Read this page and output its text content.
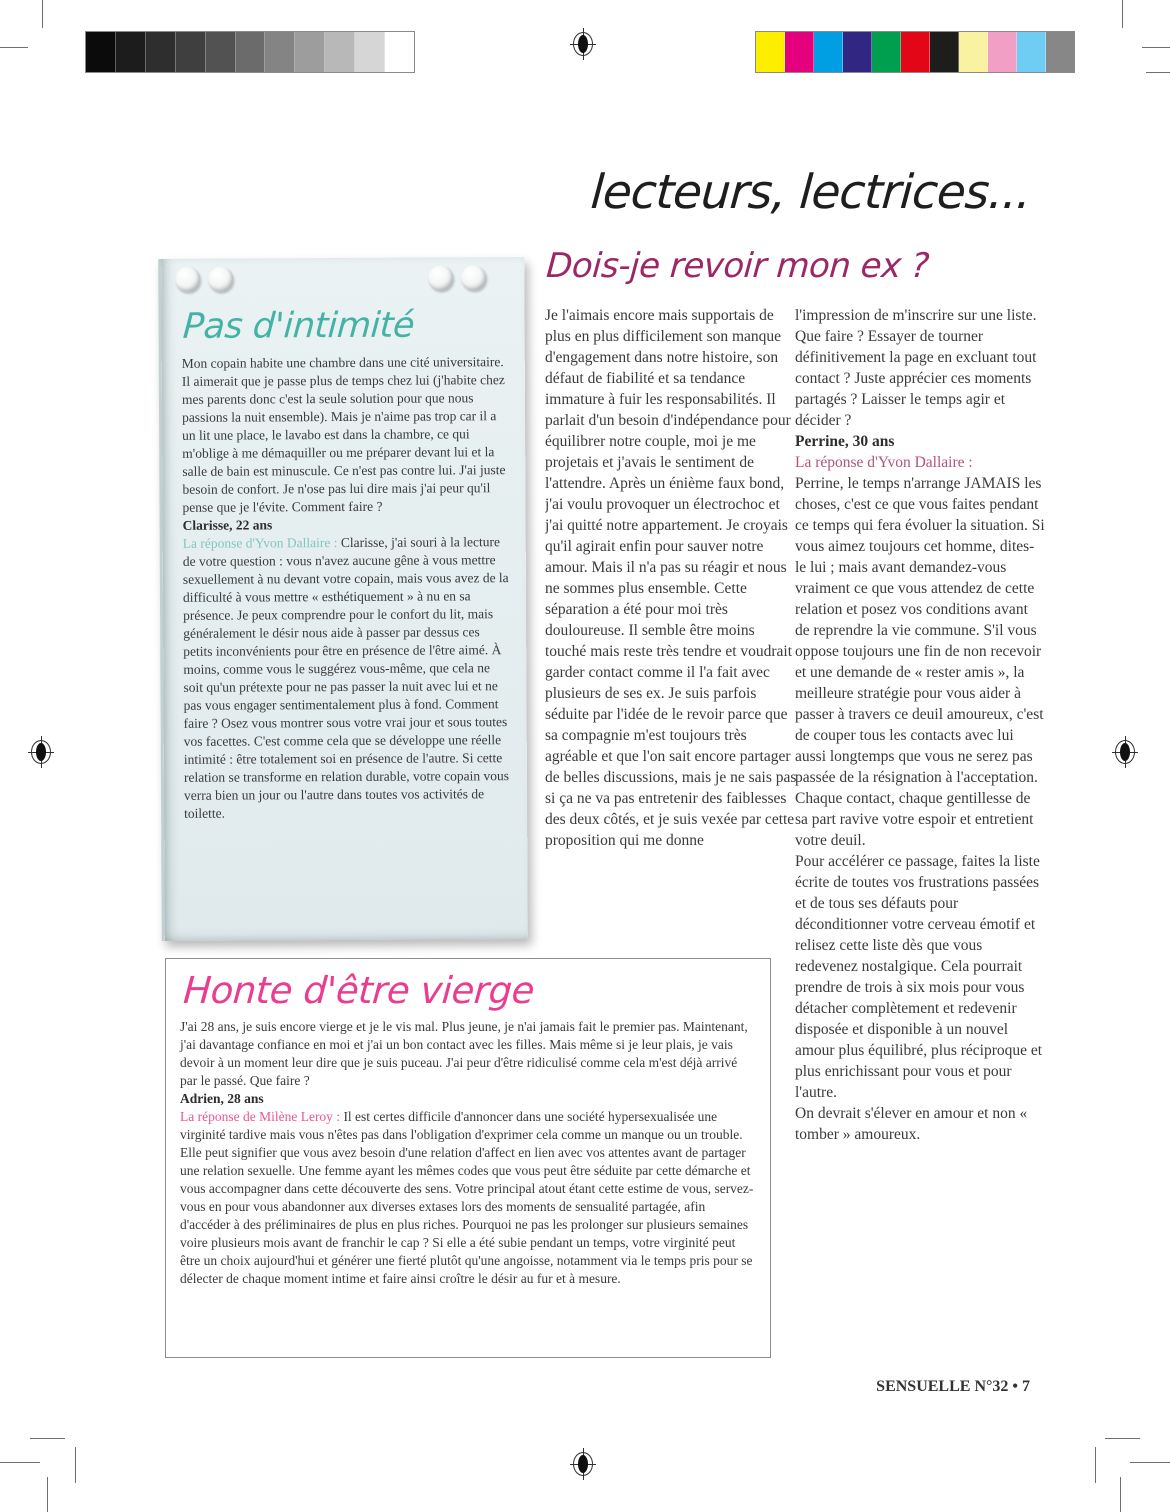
lecteurs, lectrices...
Pas d'intimité

Mon copain habite une chambre dans une cité universitaire. Il aimerait que je passe plus de temps chez lui (j'habite chez mes parents donc c'est la seule solution pour que nous passions la nuit ensemble). Mais je n'aime pas trop car il a un lit une place, le lavabo est dans la chambre, ce qui m'oblige à me démaquiller ou me préparer devant lui et la salle de bain est minuscule. Ce n'est pas contre lui. J'ai juste besoin de confort. Je n'ose pas lui dire mais j'ai peur qu'il pense que je l'évite. Comment faire ?

Clarisse, 22 ans

La réponse d'Yvon Dallaire : Clarisse, j'ai souri à la lecture de votre question : vous n'avez aucune gêne à vous mettre sexuellement à nu devant votre copain, mais vous avez de la difficulté à vous mettre « esthétiquement » à nu en sa présence. Je peux comprendre pour le confort du lit, mais généralement le désir nous aide à passer par dessus ces petits inconvénients pour être en présence de l'être aimé. À moins, comme vous le suggérez vous-même, que cela ne soit qu'un prétexte pour ne pas passer la nuit avec lui et ne pas vous engager sentimentalement plus à fond. Comment faire ? Osez vous montrer sous votre vrai jour et sous toutes vos facettes. C'est comme cela que se développe une réelle intimité : être totalement soi en présence de l'autre. Si cette relation se transforme en relation durable, votre copain vous verra bien un jour ou l'autre dans toutes vos activités de toilette.

Dois-je revoir mon ex ?

Je l'aimais encore mais supportais de plus en plus difficilement son manque d'engagement dans notre histoire, son défaut de fiabilité et sa tendance immature à fuir les responsabilités. Il parlait d'un besoin d'indépendance pour équilibrer notre couple, moi je me projetais et j'avais le sentiment de l'attendre. Après un énième faux bond, j'ai voulu provoquer un électrochoc et j'ai quitté notre appartement. Je croyais qu'il agirait enfin pour sauver notre amour. Mais il n'a pas su réagir et nous ne sommes plus ensemble. Cette séparation a été pour moi très douloureuse. Il semble être moins touché mais reste très tendre et voudrait garder contact comme il l'a fait avec plusieurs de ses ex. Je suis parfois séduite par l'idée de le revoir parce que sa compagnie m'est toujours très agréable et que l'on sait encore partager de belles discussions, mais je ne sais pas si ça ne va pas entretenir des faiblesses des deux côtés, et je suis vexée par cette proposition qui me donne

l'impression de m'inscrire sur une liste. Que faire ? Essayer de tourner définitivement la page en excluant tout contact ? Juste apprécier ces moments partagés ? Laisser le temps agir et décider ?

Perrine, 30 ans
La réponse d'Yvon Dallaire :

Perrine, le temps n'arrange JAMAIS les choses, c'est ce que vous faites pendant ce temps qui fera évoluer la situation. Si vous aimez toujours cet homme, dites-le lui ; mais avant demandez-vous vraiment ce que vous attendez de cette relation et posez vos conditions avant de reprendre la vie commune. S'il vous oppose toujours une fin de non recevoir et une demande de « rester amis », la meilleure stratégie pour vous aider à passer à travers ce deuil amoureux, c'est de couper tous les contacts avec lui aussi longtemps que vous ne serez pas passée de la résignation à l'acceptation. Chaque contact, chaque gentillesse de sa part ravive votre espoir et entretient votre deuil.

Pour accélérer ce passage, faites la liste écrite de toutes vos frustrations passées et de tous ses défauts pour déconditionner votre cerveau émotif et relisez cette liste dès que vous redevenez nostalgique. Cela pourrait prendre de trois à six mois pour vous détacher complètement et redevenir disposée et disponible à un nouvel amour plus équilibré, plus réciproque et plus enrichissant pour vous et pour l'autre.

On devrait s'élever en amour et non « tomber » amoureux.

Honte d'être vierge

J'ai 28 ans, je suis encore vierge et je le vis mal. Plus jeune, je n'ai jamais fait le premier pas. Maintenant, j'ai davantage confiance en moi et j'ai un bon contact avec les filles. Mais même si je leur plais, je vais devoir à un moment leur dire que je suis puceau. J'ai peur d'être ridiculisé comme cela m'est déjà arrivé par le passé. Que faire ?

Adrien, 28 ans

La réponse de Milène Leroy : Il est certes difficile d'annoncer dans une société hypersexualisée une virginité tardive mais vous n'êtes pas dans l'obligation d'exprimer cela comme un manque ou un trouble. Elle peut signifier que vous avez besoin d'une relation d'affect en lien avec vos attentes avant de partager une relation sexuelle. Une femme ayant les mêmes codes que vous peut être séduite par cette démarche et vous accompagner dans cette découverte des sens. Votre principal atout étant cette estime de vous, servez-vous en pour vous abandonner aux diverses extases lors des moments de sensualité partagée, afin d'accéder à des préliminaires de plus en plus riches. Pourquoi ne pas les prolonger sur plusieurs semaines voire plusieurs mois avant de franchir le cap ? Si elle a été subie pendant un temps, votre virginité peut être un choix aujourd'hui et générer une fierté plutôt qu'une angoisse, notamment via le temps pris pour se délecter de chaque moment intime et faire ainsi croître le désir au fur et à mesure.

SENSUELLE N°32 • 7
